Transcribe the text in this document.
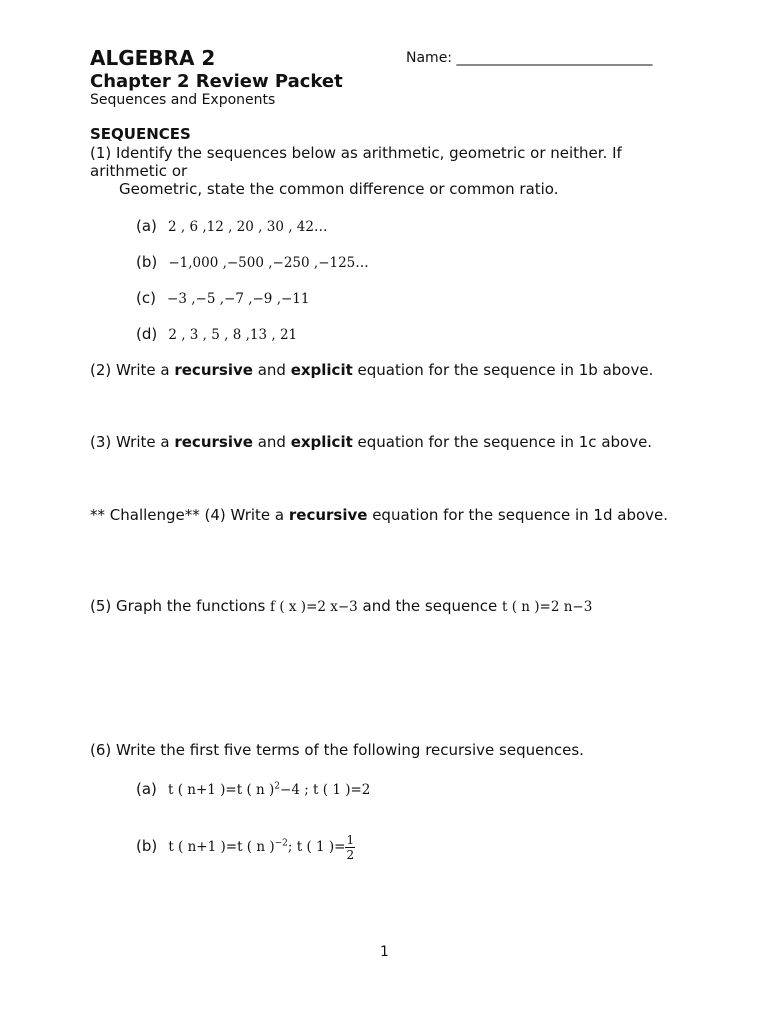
ALGEBRA 2	Name: ____________________________
Chapter 2 Review Packet
Sequences and Exponents
SEQUENCES
(1) Identify the sequences below as arithmetic, geometric or neither. If
arithmetic or
Geometric, state the common difference or common ratio.
(a) 2 , 6 ,12 , 20 , 30 , 42…
(b) −1,000 ,−500 ,−250 ,−125…
(c) −3 ,−5 ,−7 ,−9 ,−11
(d) 2 , 3 , 5 , 8 ,13 , 21
(2) Write a recursive and explicit equation for the sequence in 1b above.
(3) Write a recursive and explicit equation for the sequence in 1c above.
** Challenge** (4) Write a recursive equation for the sequence in 1d above.
(5) Graph the functions f ( x )=2 x−3 and the sequence t ( n )=2 n−3
(6) Write the first five terms of the following recursive sequences.
(a) t ( n+1 )=t ( n )$^2$−4 ; t ( 1 )=2
(b) t ( n+1 )=t ( n )$^{-2}$; t ( 1 )= $\frac{1}{2}$
1
